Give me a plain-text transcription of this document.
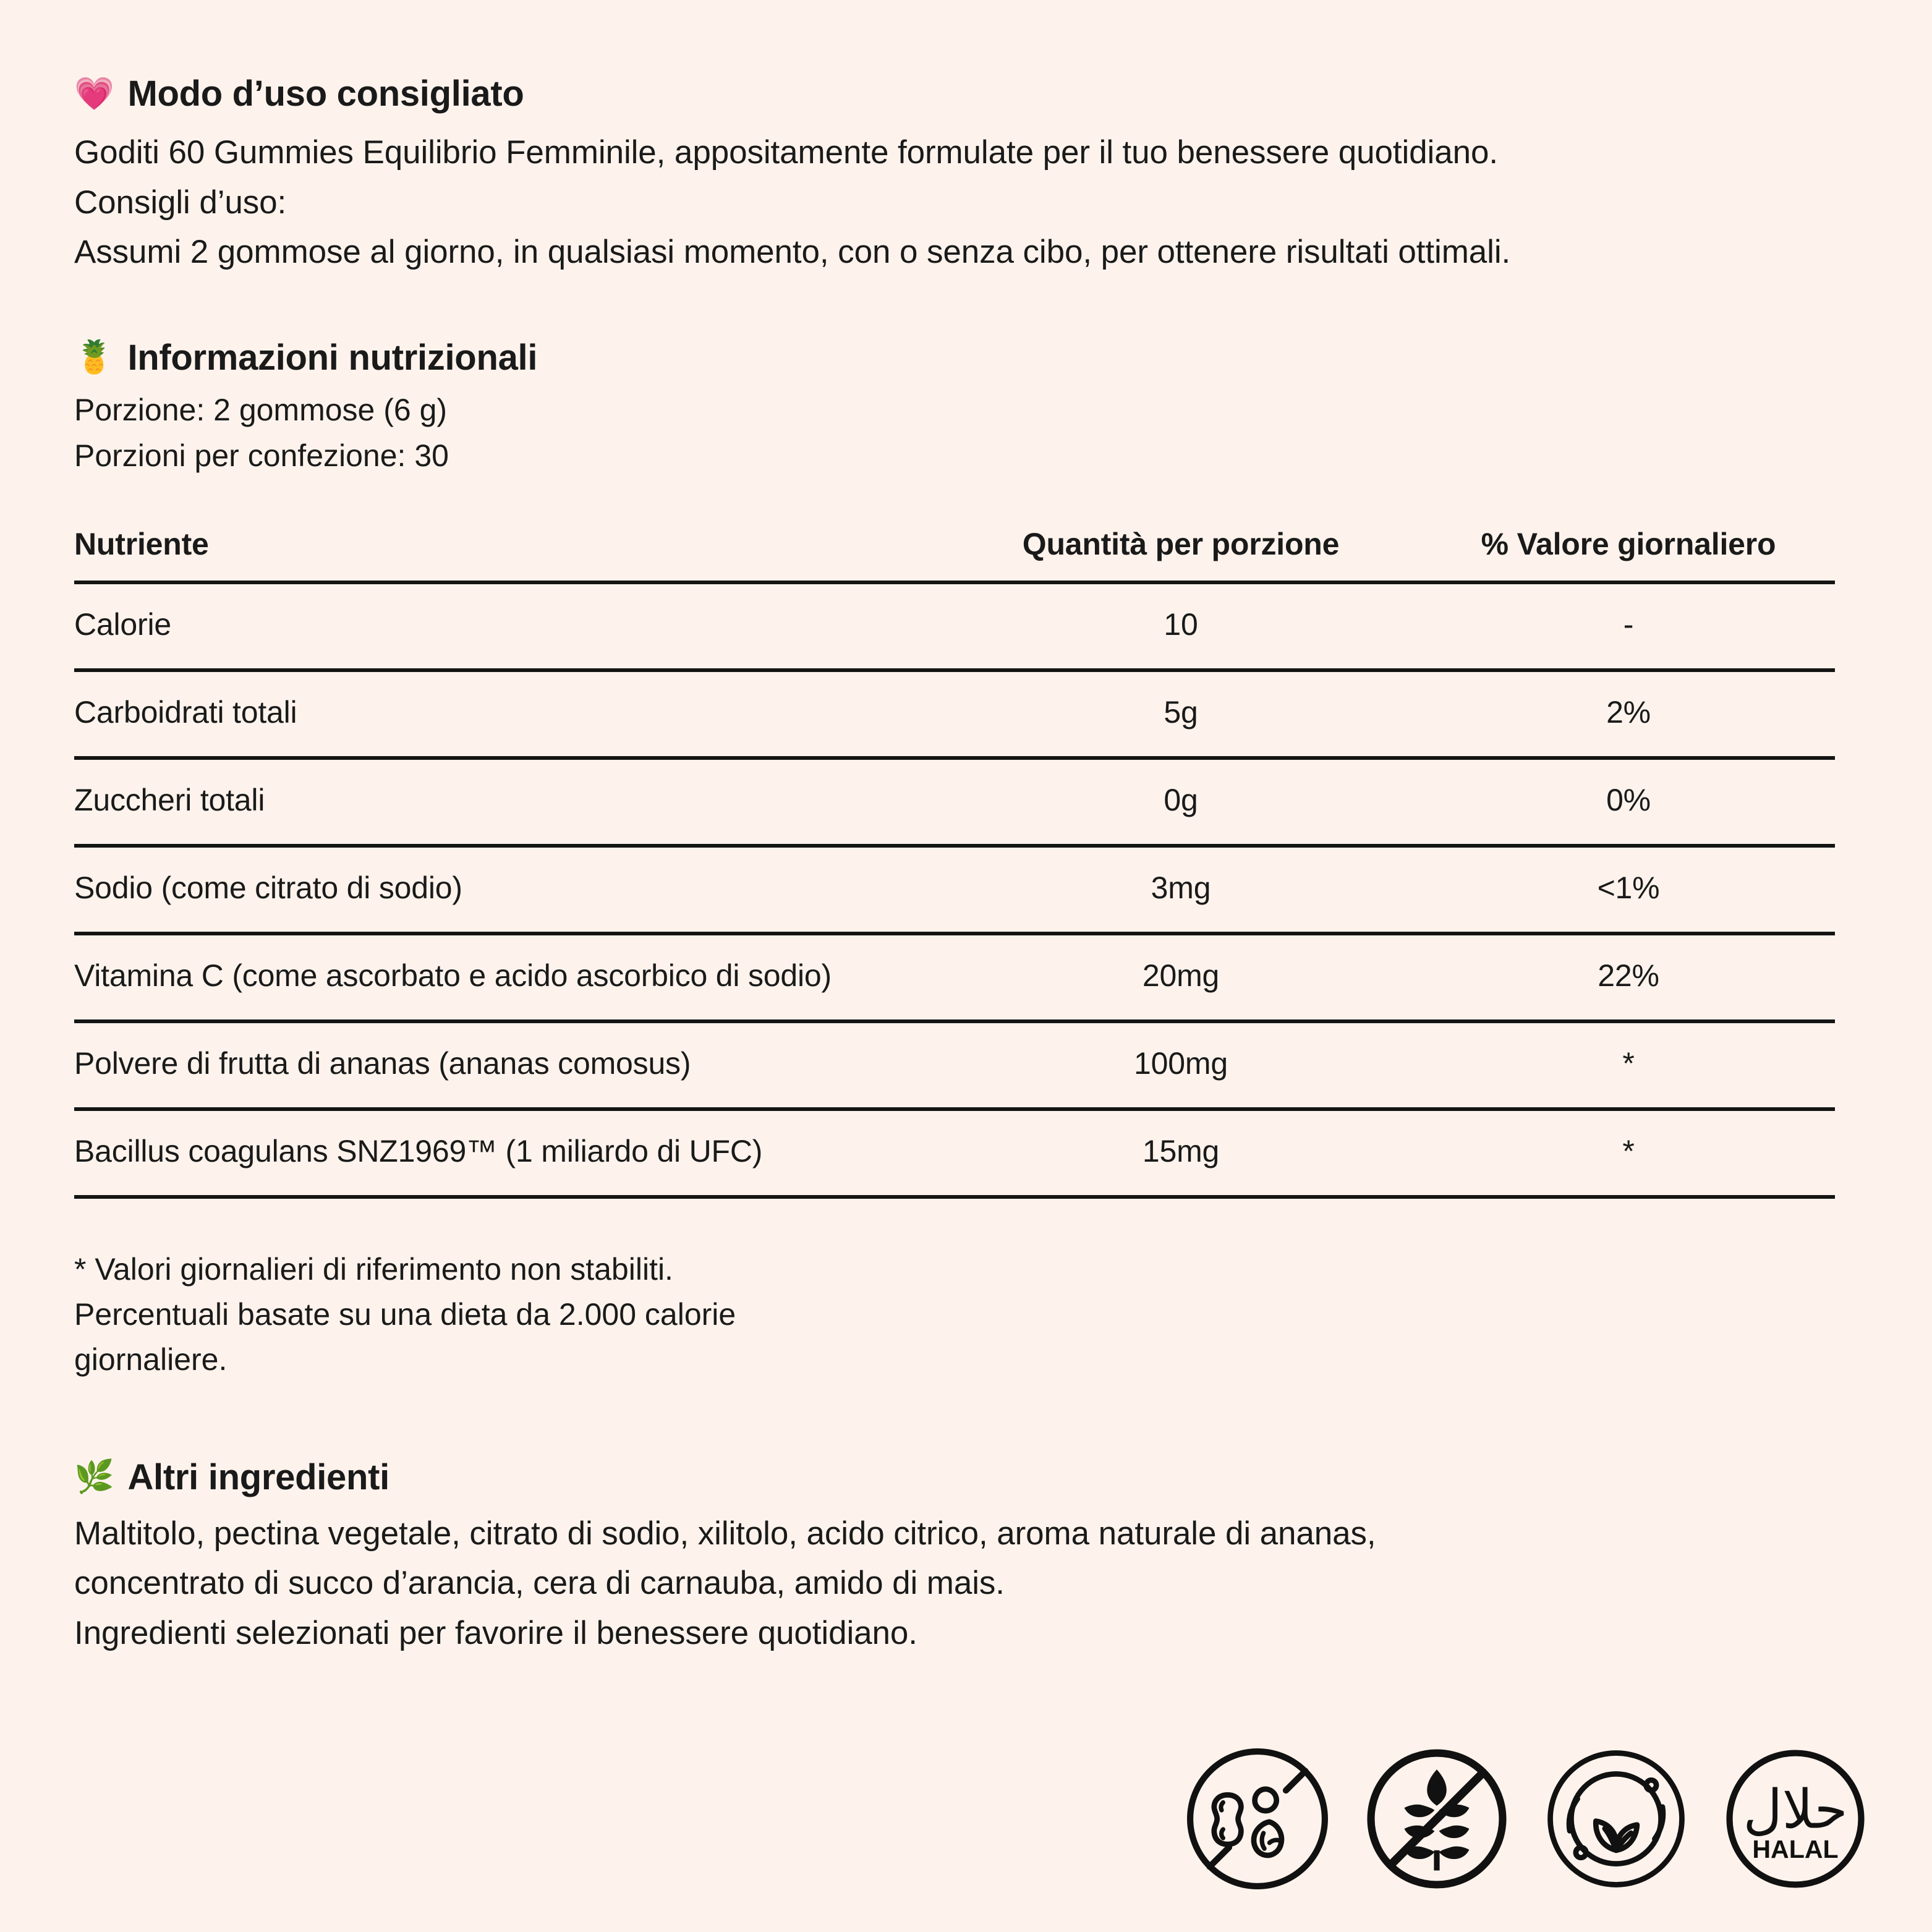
💗 Modo d’uso consigliato
Goditi 60 Gummies Equilibrio Femminile, appositamente formulate per il tuo benessere quotidiano.
Consigli d’uso:
Assumi 2 gommose al giorno, in qualsiasi momento, con o senza cibo, per ottenere risultati ottimali.
🍍 Informazioni nutrizionali
Porzione: 2 gommose (6 g)
Porzioni per confezione: 30
Nutriente	Quantità per porzione	% Valore giornaliero
Calorie	10	-
Carboidrati totali	5g	2%
Zuccheri totali	0g	0%
Sodio (come citrato di sodio)	3mg	<1%
Vitamina C (come ascorbato e acido ascorbico di sodio)	20mg	22%
Polvere di frutta di ananas (ananas comosus)	100mg	*
Bacillus coagulans SNZ1969™ (1 miliardo di UFC)	15mg	*
* Valori giornalieri di riferimento non stabiliti.
Percentuali basate su una dieta da 2.000 calorie
giornaliere.
🌿 Altri ingredienti
Maltitolo, pectina vegetale, citrato di sodio, xilitolo, acido citrico, aroma naturale di ananas,
concentrato di succo d’arancia, cera di carnauba, amido di mais.
Ingredienti selezionati per favorire il benessere quotidiano.
حلال
HALAL
